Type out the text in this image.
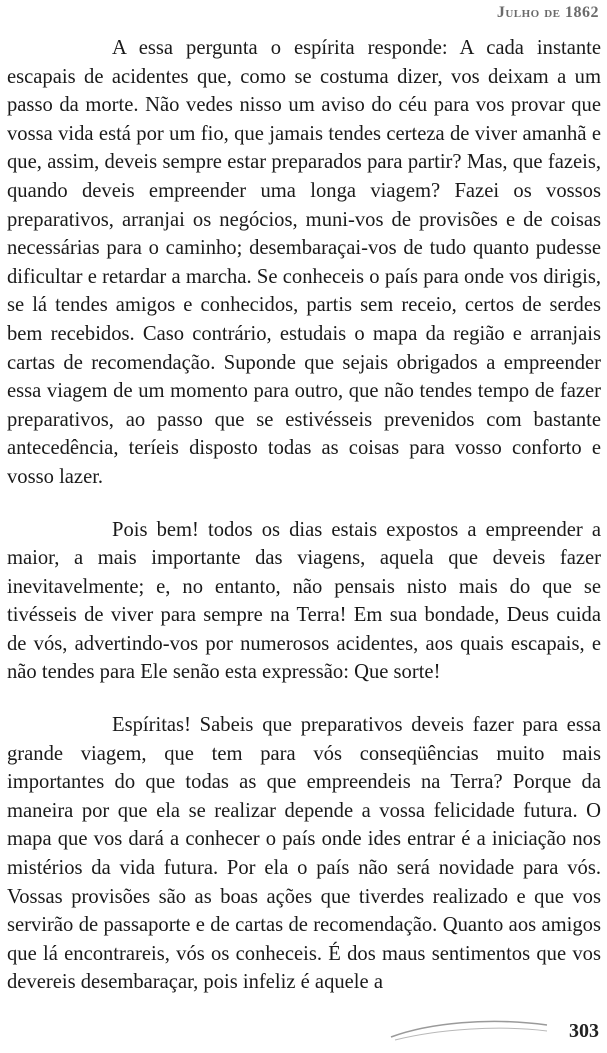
Julho de 1862

A essa pergunta o espírita responde: A cada instante escapais de acidentes que, como se costuma dizer, vos deixam a um passo da morte. Não vedes nisso um aviso do céu para vos provar que vossa vida está por um fio, que jamais tendes certeza de viver amanhã e que, assim, deveis sempre estar preparados para partir? Mas, que fazeis, quando deveis empreender uma longa viagem? Fazei os vossos preparativos, arranjai os negócios, muni-vos de provisões e de coisas necessárias para o caminho; desembaraçai-vos de tudo quanto pudesse dificultar e retardar a marcha. Se conheceis o país para onde vos dirigis, se lá tendes amigos e conhecidos, partis sem receio, certos de serdes bem recebidos. Caso contrário, estudais o mapa da região e arranjais cartas de recomendação. Suponde que sejais obrigados a empreender essa viagem de um momento para outro, que não tendes tempo de fazer preparativos, ao passo que se estivésseis prevenidos com bastante antecedência, teríeis disposto todas as coisas para vosso conforto e vosso lazer.

Pois bem! todos os dias estais expostos a empreender a maior, a mais importante das viagens, aquela que deveis fazer inevitavelmente; e, no entanto, não pensais nisto mais do que se tivésseis de viver para sempre na Terra! Em sua bondade, Deus cuida de vós, advertindo-vos por numerosos acidentes, aos quais escapais, e não tendes para Ele senão esta expressão: Que sorte!

Espíritas! Sabeis que preparativos deveis fazer para essa grande viagem, que tem para vós conseqüências muito mais importantes do que todas as que empreendeis na Terra? Porque da maneira por que ela se realizar depende a vossa felicidade futura. O mapa que vos dará a conhecer o país onde ides entrar é a iniciação nos mistérios da vida futura. Por ela o país não será novidade para vós. Vossas provisões são as boas ações que tiverdes realizado e que vos servirão de passaporte e de cartas de recomendação. Quanto aos amigos que lá encontrareis, vós os conheceis. É dos maus sentimentos que vos devereis desembaraçar, pois infeliz é aquele a

303
